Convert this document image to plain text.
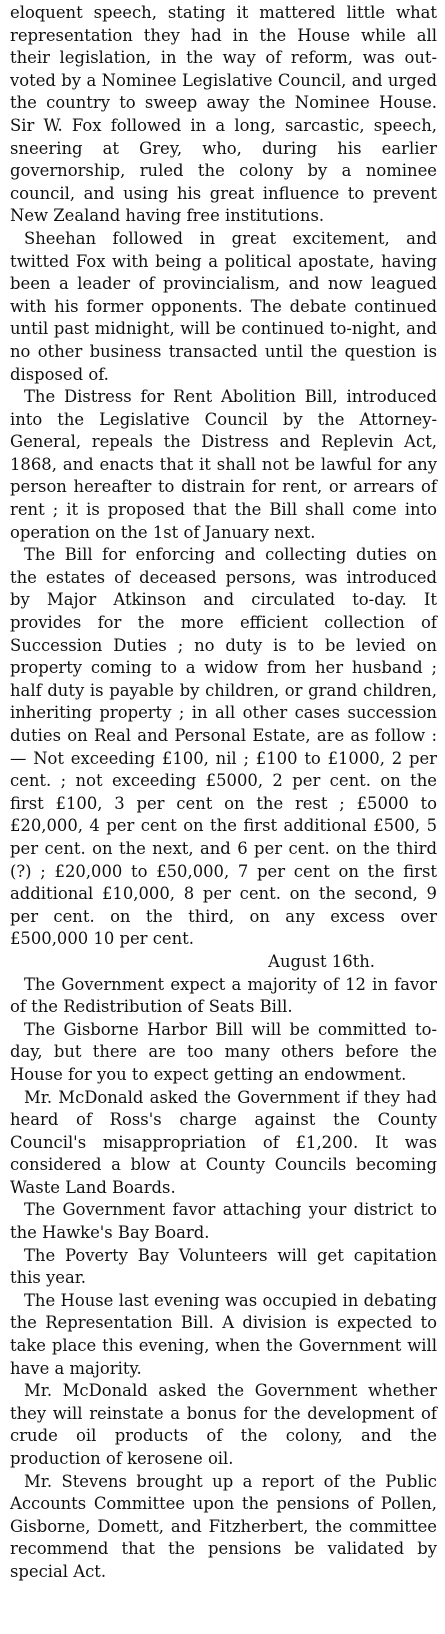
eloquent speech, stating it mattered little what representation they had in the House while all their legislation, in the way of reform, was out-voted by a Nominee Legislative Council, and urged the country to sweep away the Nominee House. Sir W. Fox followed in a long, sarcastic, speech, sneering at Grey, who, during his earlier governorship, ruled the colony by a nominee council, and using his great influence to prevent New Zealand having free institutions.

Sheehan followed in great excitement, and twitted Fox with being a political apostate, having been a leader of provincialism, and now leagued with his former opponents. The debate continued until past midnight, will be continued to-night, and no other business transacted until the question is disposed of.

The Distress for Rent Abolition Bill, introduced into the Legislative Council by the Attorney-General, repeals the Distress and Replevin Act, 1868, and enacts that it shall not be lawful for any person hereafter to distrain for rent, or arrears of rent ; it is proposed that the Bill shall come into operation on the 1st of January next.

The Bill for enforcing and collecting duties on the estates of deceased persons, was introduced by Major Atkinson and circulated to-day. It provides for the more efficient collection of Succession Duties ; no duty is to be levied on property coming to a widow from her husband ; half duty is payable by children, or grand children, inheriting property ; in all other cases succession duties on Real and Personal Estate, are as follow :— Not exceeding £100, nil ; £100 to £1000, 2 per cent. ; not exceeding £5000, 2 per cent. on the first £100, 3 per cent on the rest ; £5000 to £20,000, 4 per cent on the first additional £500, 5 per cent. on the next, and 6 per cent. on the third (?) ; £20,000 to £50,000, 7 per cent on the first additional £10,000, 8 per cent. on the second, 9 per cent. on the third, on any excess over £500,000 10 per cent.

August 16th.

The Government expect a majority of 12 in favor of the Redistribution of Seats Bill.

The Gisborne Harbor Bill will be committed to-day, but there are too many others before the House for you to expect getting an endowment.

Mr. McDonald asked the Government if they had heard of Ross's charge against the County Council's misappropriation of £1,200. It was considered a blow at County Councils becoming Waste Land Boards.

The Government favor attaching your district to the Hawke's Bay Board.

The Poverty Bay Volunteers will get capitation this year.

The House last evening was occupied in debating the Representation Bill. A division is expected to take place this evening, when the Government will have a majority.

Mr. McDonald asked the Government whether they will reinstate a bonus for the development of crude oil products of the colony, and the production of kerosene oil.

Mr. Stevens brought up a report of the Public Accounts Committee upon the pensions of Pollen, Gisborne, Domett, and Fitzherbert, the committee recommend that the pensions be validated by special Act.
